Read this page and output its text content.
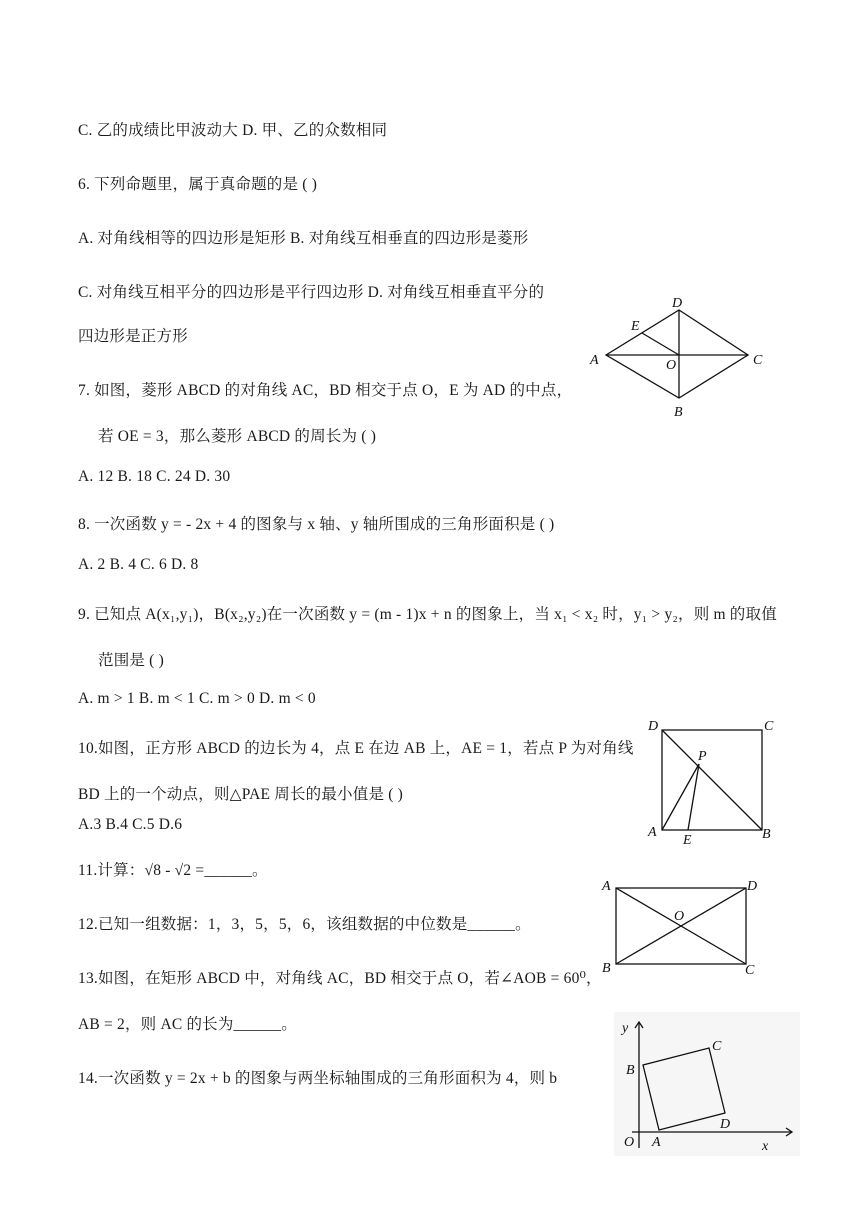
C. 乙的成绩比甲波动大 D. 甲、乙的众数相同
6. 下列命题里，属于真命题的是 ( )
A. 对角线相等的四边形是矩形 B. 对角线互相垂直的四边形是菱形
C. 对角线互相平分的四边形是平行四边形 D. 对角线互相垂直平分的
四边形是正方形
7. 如图，菱形 ABCD 的对角线 AC，BD 相交于点 O，E 为 AD 的中点，
若 OE = 3，那么菱形 ABCD 的周长为 ( )
A. 12 B. 18 C. 24 D. 30
8. 一次函数 y = - 2x + 4 的图象与 x 轴、y 轴所围成的三角形面积是 ( )
A. 2 B. 4 C. 6 D. 8
9. 已知点 A(x₁,y₁)，B(x₂,y₂)在一次函数 y = (m - 1)x + n 的图象上，当 x₁ < x₂ 时，y₁ > y₂，则 m 的取值
范围是 ( )
A. m > 1 B. m < 1 C. m > 0 D. m < 0
10.如图，正方形 ABCD 的边长为 4，点 E 在边 AB 上，AE = 1，若点 P 为对角线
BD 上的一个动点，则△PAE 周长的最小值是 ( )
A.3 B.4 C.5 D.6
11.计算：√8 - √2 =______。
12.已知一组数据：1，3，5，5，6，该组数据的中位数是______。
13.如图，在矩形 ABCD 中，对角线 AC，BD 相交于点 O，若∠AOB = 60⁰，
AB = 2，则 AC 的长为______。
14.一次函数 y = 2x + b 的图象与两坐标轴围成的三角形面积为 4，则 b
A
D
E
O	C
B
D	C
P
A
E	B
A	D
O
B	C
y
x
O A
B
C
D
